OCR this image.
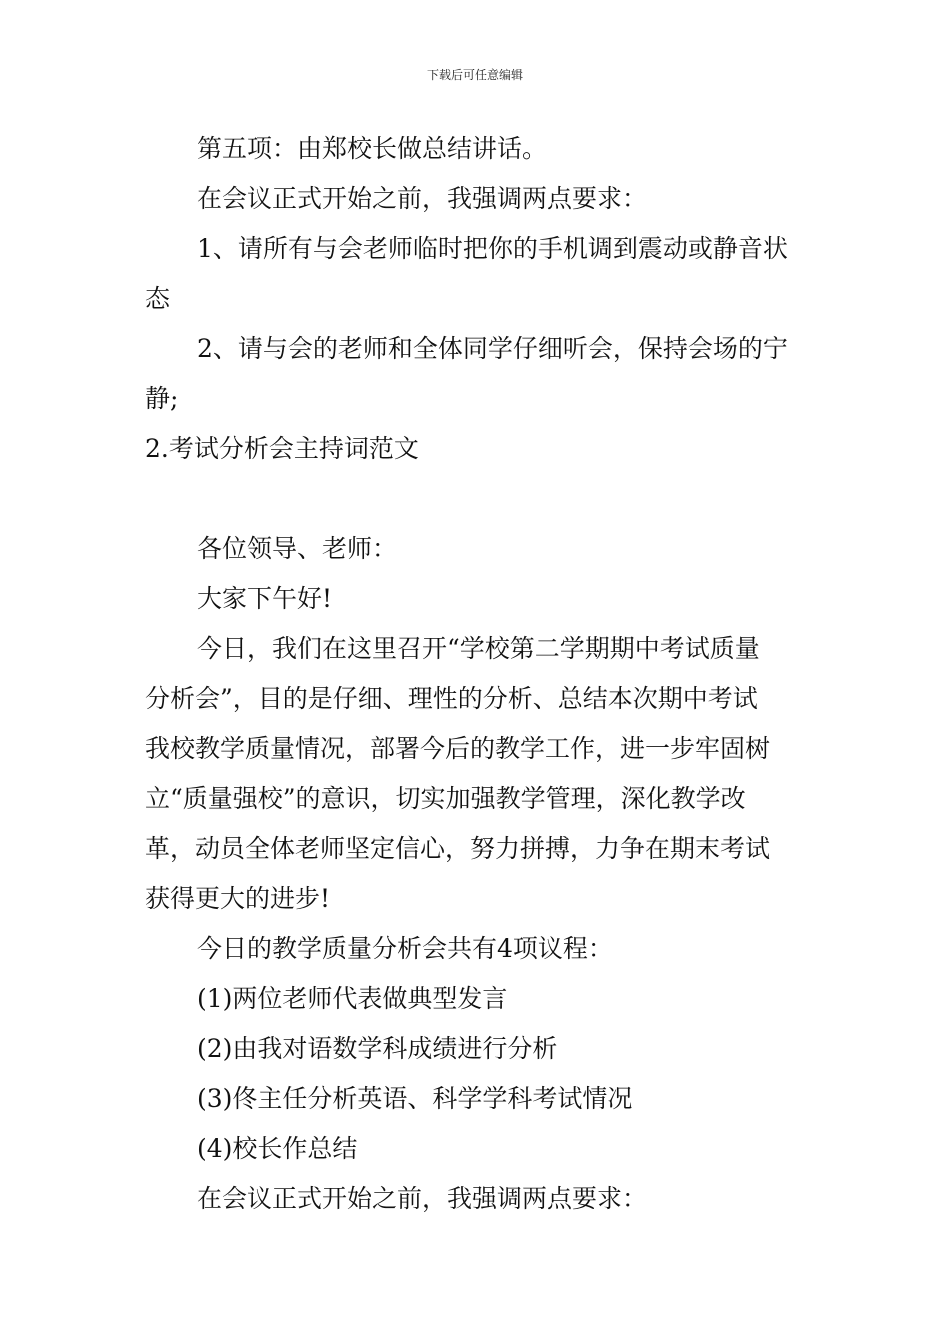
下载后可任意编辑
第五项：由郑校长做总结讲话。
在会议正式开始之前，我强调两点要求：
1、请所有与会老师临时把你的手机调到震动或静音状
态
2、请与会的老师和全体同学仔细听会，保持会场的宁
静;
2.考试分析会主持词范文
各位领导、老师：
大家下午好!
今日，我们在这里召开“学校第二学期期中考试质量
分析会”，目的是仔细、理性的分析、总结本次期中考试
我校教学质量情况，部署今后的教学工作，进一步牢固树
立“质量强校”的意识，切实加强教学管理，深化教学改
革，动员全体老师坚定信心，努力拼搏，力争在期末考试
获得更大的进步!
今日的教学质量分析会共有4项议程：
(1)两位老师代表做典型发言
(2)由我对语数学科成绩进行分析
(3)佟主任分析英语、科学学科考试情况
(4)校长作总结
在会议正式开始之前，我强调两点要求：
